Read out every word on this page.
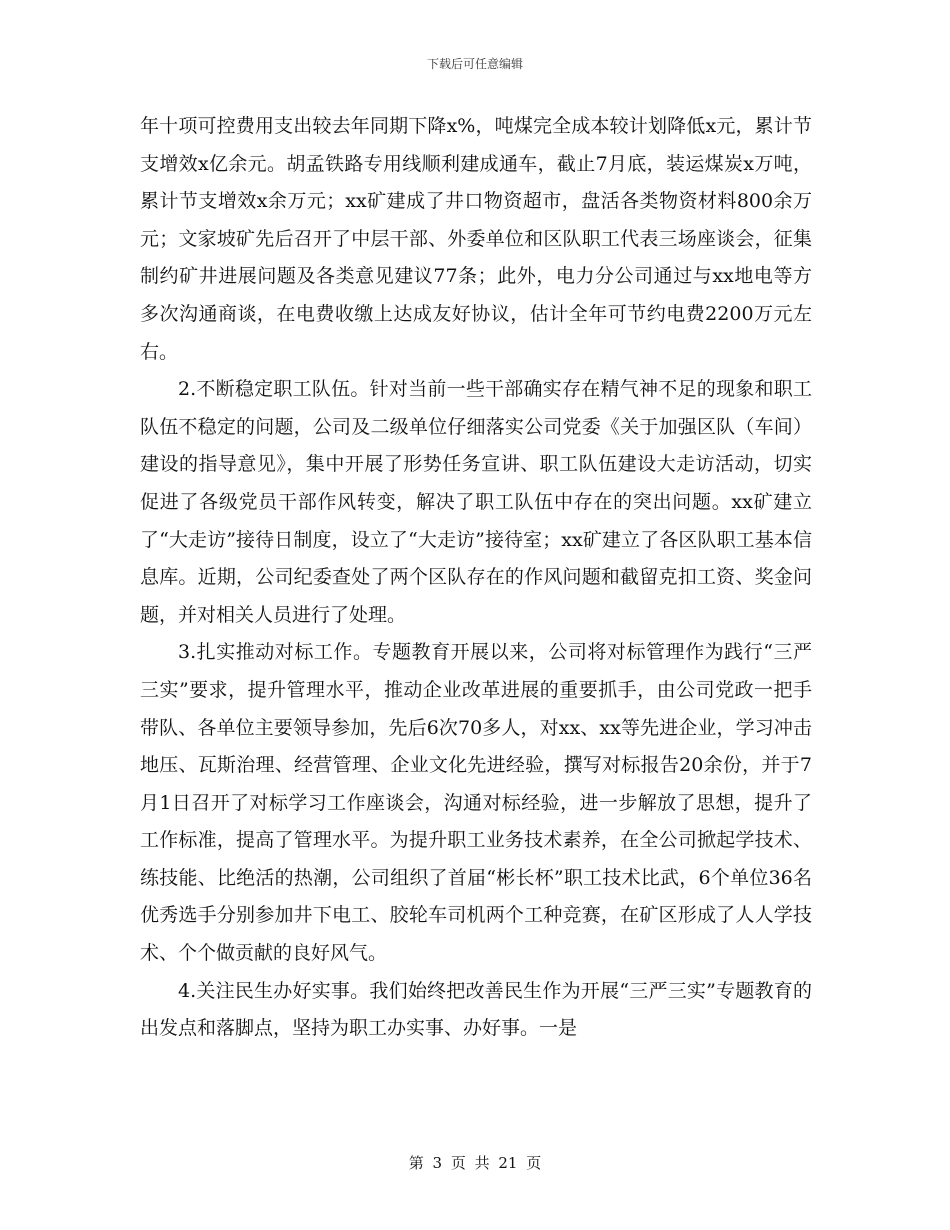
下载后可任意编辑

年十项可控费用支出较去年同期下降x%，吨煤完全成本较计划降低x元，累计节支增效x亿余元。胡孟铁路专用线顺利建成通车，截止7月底，装运煤炭x万吨，累计节支增效x余万元；xx矿建成了井口物资超市，盘活各类物资材料800余万元；文家坡矿先后召开了中层干部、外委单位和区队职工代表三场座谈会，征集制约矿井进展问题及各类意见建议77条；此外，电力分公司通过与xx地电等方多次沟通商谈，在电费收缴上达成友好协议，估计全年可节约电费2200万元左右。

2.不断稳定职工队伍。针对当前一些干部确实存在精气神不足的现象和职工队伍不稳定的问题，公司及二级单位仔细落实公司党委《关于加强区队（车间）建设的指导意见》，集中开展了形势任务宣讲、职工队伍建设大走访活动，切实促进了各级党员干部作风转变，解决了职工队伍中存在的突出问题。xx矿建立了“大走访”接待日制度，设立了“大走访”接待室；xx矿建立了各区队职工基本信息库。近期，公司纪委查处了两个区队存在的作风问题和截留克扣工资、奖金问题，并对相关人员进行了处理。

3.扎实推动对标工作。专题教育开展以来，公司将对标管理作为践行“三严三实”要求，提升管理水平，推动企业改革进展的重要抓手，由公司党政一把手带队、各单位主要领导参加，先后6次70多人，对xx、xx等先进企业，学习冲击地压、瓦斯治理、经营管理、企业文化先进经验，撰写对标报告20余份，并于7月1日召开了对标学习工作座谈会，沟通对标经验，进一步解放了思想，提升了工作标准，提高了管理水平。为提升职工业务技术素养，在全公司掀起学技术、练技能、比绝活的热潮，公司组织了首届“彬长杯”职工技术比武，6个单位36名优秀选手分别参加井下电工、胶轮车司机两个工种竞赛，在矿区形成了人人学技术、个个做贡献的良好风气。

4.关注民生办好实事。我们始终把改善民生作为开展“三严三实”专题教育的出发点和落脚点，坚持为职工办实事、办好事。一是

第 3 页 共 21 页
